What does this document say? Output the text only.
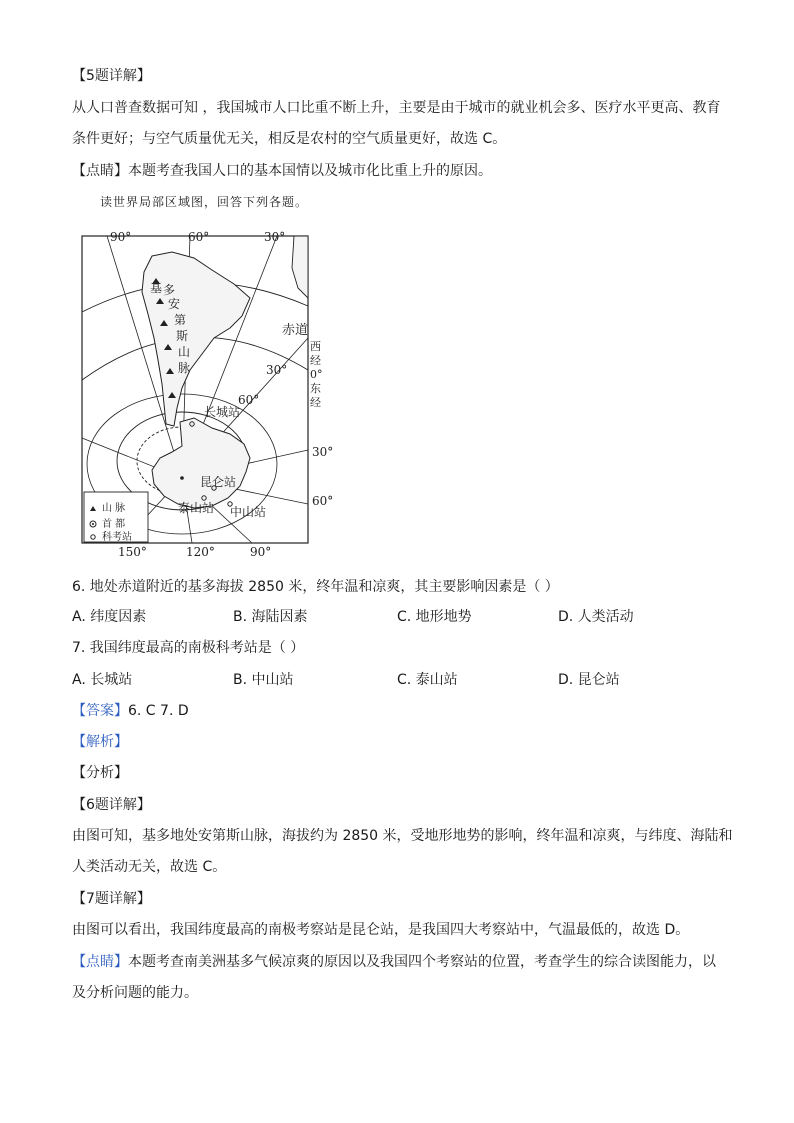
【5题详解】
从人口普查数据可知 ，我国城市人口比重不断上升，主要是由于城市的就业机会多、医疗水平更高、教育
条件更好；与空气质量优无关，相反是农村的空气质量更好，故选 C。
【点睛】本题考查我国人口的基本国情以及城市化比重上升的原因。
读世界局部区域图，回答下列各题。
90°	60°	30°
150°	120°	90°
赤道
30°
60°
30°
60°
西
经
0°
东
经
基 多
安
第
斯
山
脉
长城站
昆仑站
泰山站 中山站
山 脉
首 都
科考站
6. 地处赤道附近的基多海拔 2850 米，终年温和凉爽，其主要影响因素是（ ）
A. 纬度因素	B. 海陆因素	C. 地形地势	D. 人类活动
7. 我国纬度最高的南极科考站是（ ）
A. 长城站	B. 中山站	C. 泰山站	D. 昆仑站
【答案】6. C 7. D
【解析】
【分析】
【6题详解】
由图可知，基多地处安第斯山脉，海拔约为 2850 米，受地形地势的影响，终年温和凉爽，与纬度、海陆和
人类活动无关，故选 C。
【7题详解】
由图可以看出，我国纬度最高的南极考察站是昆仑站，是我国四大考察站中，气温最低的，故选 D。
【点睛】本题考查南美洲基多气候凉爽的原因以及我国四个考察站的位置，考查学生的综合读图能力，以
及分析问题的能力。
